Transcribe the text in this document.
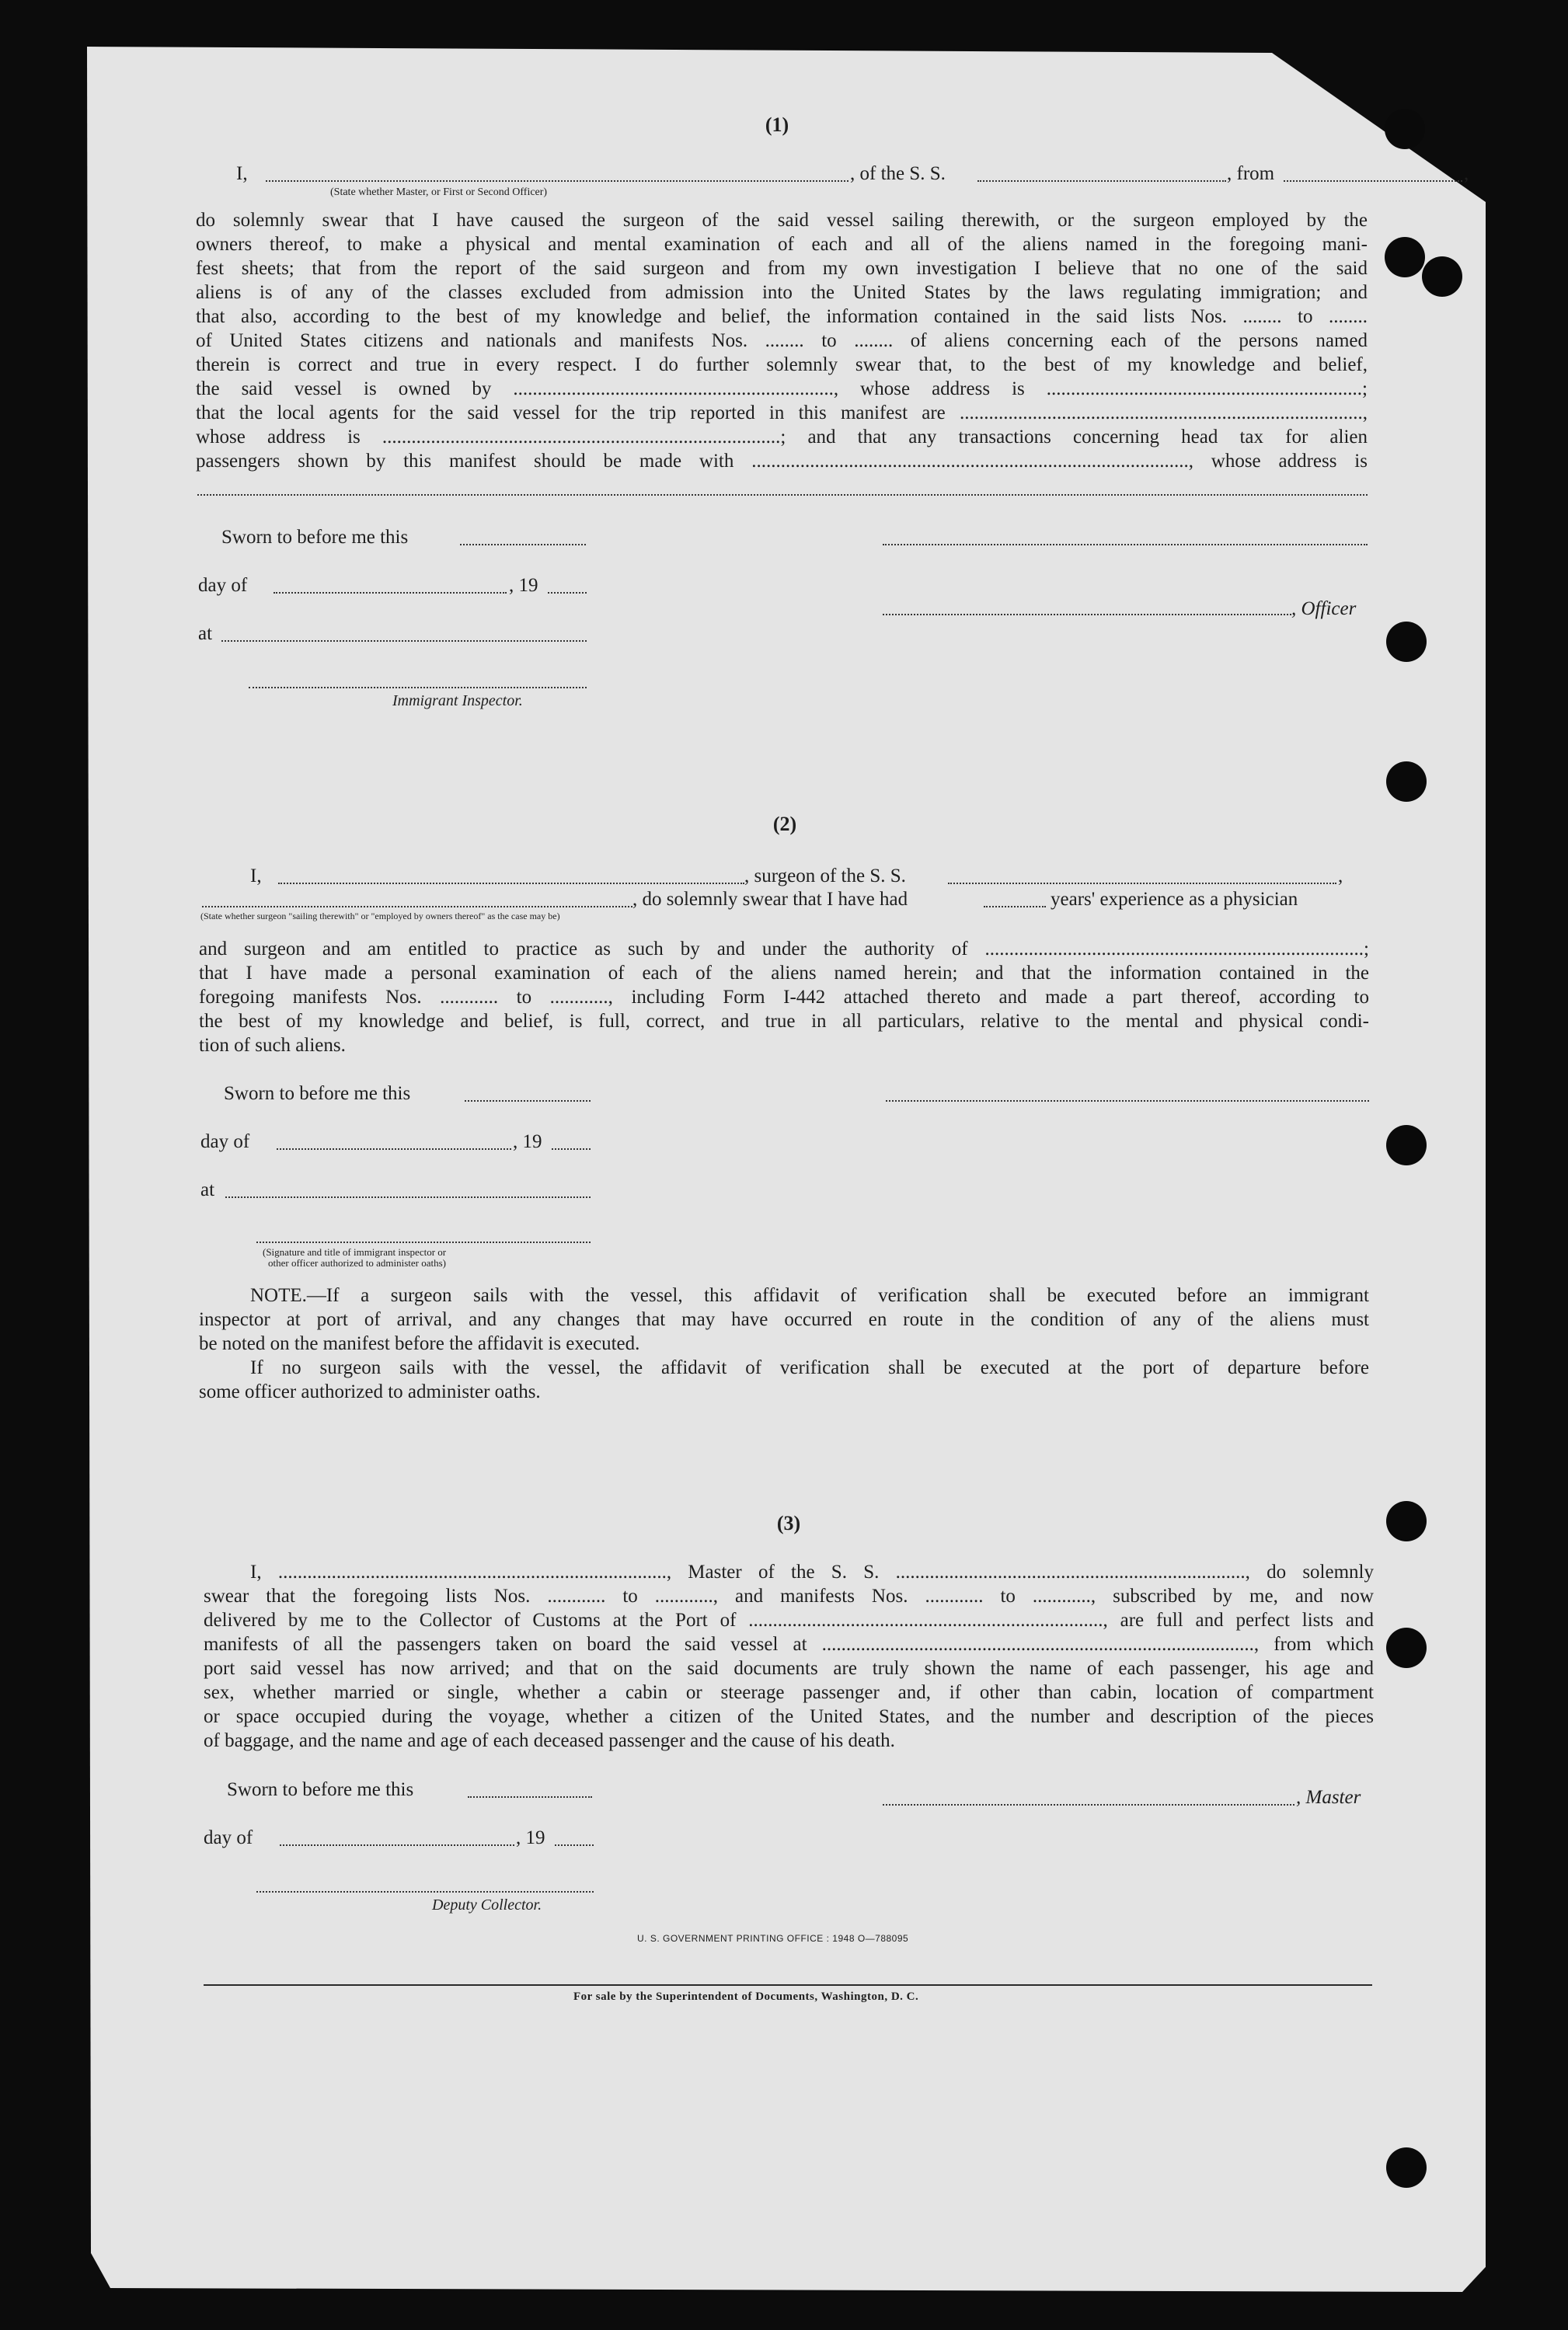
(1)
I,	, of the S. S.	, from	,
(State whether Master, or First or Second Officer)
do solemnly swear that I have caused the surgeon of the said vessel sailing therewith, or the surgeon employed by the
owners thereof, to make a physical and mental examination of each and all of the aliens named in the foregoing mani-
fest sheets; that from the report of the said surgeon and from my own investigation I believe that no one of the said
aliens is of any of the classes excluded from admission into the United States by the laws regulating immigration; and
that also, according to the best of my knowledge and belief, the information contained in the said lists Nos. ........ to ........
of United States citizens and nationals and manifests Nos. ........ to ........ of aliens concerning each of the persons named
therein is correct and true in every respect. I do further solemnly swear that, to the best of my knowledge and belief,
the said vessel is owned by .................................................................., whose address is .................................................................;
that the local agents for the said vessel for the trip reported in this manifest are ...................................................................................,
whose address is ..................................................................................; and that any transactions concerning head tax for alien
passengers shown by this manifest should be made with .........................................................................................., whose address is
Sworn to before me this
day of	, 19
, Officer
at
Immigrant Inspector.
(2)
I,	, surgeon of the S. S.	,
, do solemnly swear that I have had	years' experience as a physician
(State whether surgeon "sailing therewith" or "employed by owners thereof" as the case may be)
and surgeon and am entitled to practice as such by and under the authority of ..............................................................................;
that I have made a personal examination of each of the aliens named herein; and that the information contained in the
foregoing manifests Nos. ............ to ............, including Form I-442 attached thereto and made a part thereof, according to
the best of my knowledge and belief, is full, correct, and true in all particulars, relative to the mental and physical condi-
tion of such aliens.
Sworn to before me this
day of	, 19
at
(Signature and title of immigrant inspector or
other officer authorized to administer oaths)
NOTE.—If a surgeon sails with the vessel, this affidavit of verification shall be executed before an immigrant
inspector at port of arrival, and any changes that may have occurred en route in the condition of any of the aliens must
be noted on the manifest before the affidavit is executed.
If no surgeon sails with the vessel, the affidavit of verification shall be executed at the port of departure before
some officer authorized to administer oaths.
(3)
I, ................................................................................, Master of the S. S. ........................................................................, do solemnly
swear that the foregoing lists Nos. ............ to ............, and manifests Nos. ............ to ............, subscribed by me, and now
delivered by me to the Collector of Customs at the Port of ........................................................................., are full and perfect lists and
manifests of all the passengers taken on board the said vessel at ........................................................................................., from which
port said vessel has now arrived; and that on the said documents are truly shown the name of each passenger, his age and
sex, whether married or single, whether a cabin or steerage passenger and, if other than cabin, location of compartment
or space occupied during the voyage, whether a citizen of the United States, and the number and description of the pieces
of baggage, and the name and age of each deceased passenger and the cause of his death.
Sworn to before me this	, Master
day of	, 19
Deputy Collector.
U. S. GOVERNMENT PRINTING OFFICE : 1948 O—788095
For sale by the Superintendent of Documents, Washington, D. C.
